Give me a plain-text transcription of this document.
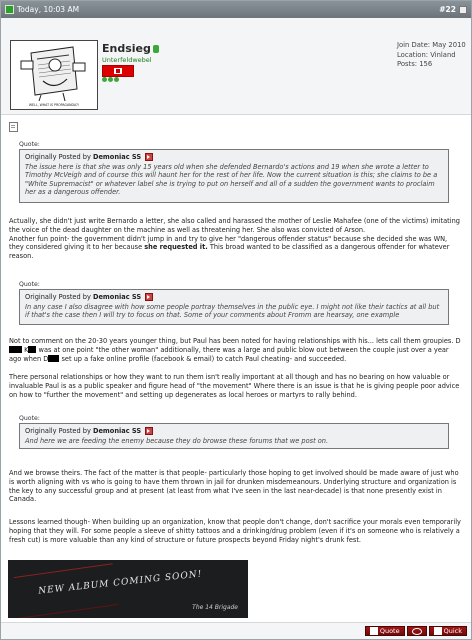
Today, 10:03 AM	#22
WELL, WHAT IS PROPAGANDA?!
Endsieg
Unterfeldwebel
Join Date: May 2010
Location: Vinland
Posts: 156
Quote:
Originally Posted by Demoniac SS
The issue here is that she was only 15 years old when she defended Bernardo's actions and 19 when she wrote a letter to Timothy McVeigh and of course this will haunt her for the rest of her life. Now the current situation is this; she claims to be a "White Supremacist" or whatever label she is trying to put on herself and all of a sudden the government wants to proclaim her as a dangerous offender.
Actually, she didn't just write Bernardo a letter, she also called and harassed the mother of Leslie Mahafee (one of the victims) imitating the voice of the dead daughter on the machine as well as threatening her. She also was convicted of Arson.
Another fun point- the government didn't jump in and try to give her "dangerous offender status" because she decided she was WN, they considered giving it to her because she requested it. This broad wanted to be classified as a dangerous offender for whatever reason.
Quote:
Originally Posted by Demoniac SS
In any case I also disagree with how some people portray themselves in the public eye. I might not like their tactics at all but if that's the case then I will try to focus on that. Some of your comments about Fromm are hearsay, one example
Not to comment on the 20-30 years younger thing, but Paul has been noted for having relationships with his... lets call them groupies. D K was at one point "the other woman" additionally, there was a large and public blow out between the couple just over a year ago when D set up a fake online profile (facebook & email) to catch Paul cheating- and succeeded.
There personal relationships or how they want to run them isn't really important at all though and has no bearing on how valuable or invaluable Paul is as a public speaker and figure head of "the movement" Where there is an issue is that he is giving people poor advice on how to "further the movement" and setting up degenerates as local heroes or martyrs to rally behind.
Quote:
Originally Posted by Demoniac SS
And here we are feeding the enemy because they do browse these forums that we post on.
And we browse theirs. The fact of the matter is that people- particularly those hoping to get involved should be made aware of just who is worth aligning with vs who is going to have them thrown in jail for drunken misdemeanours. Underlying structure and organization is the key to any successful group and at present (at least from what I've seen in the last near-decade) is that none presently exist in Canada.
Lessons learned though- When building up an organization, know that people don't change, don't sacrifice your morals even temporarily hoping that they will. For some people a sleeve of shitty tattoos and a drinking/drug problem (even if it's on someone who is relatively a fresh cut) is more valuable than any kind of structure or future prospects beyond Friday night's drunk fest.
NEW ALBUM COMING SOON!
The 14 Brigade
Quote	Quick
